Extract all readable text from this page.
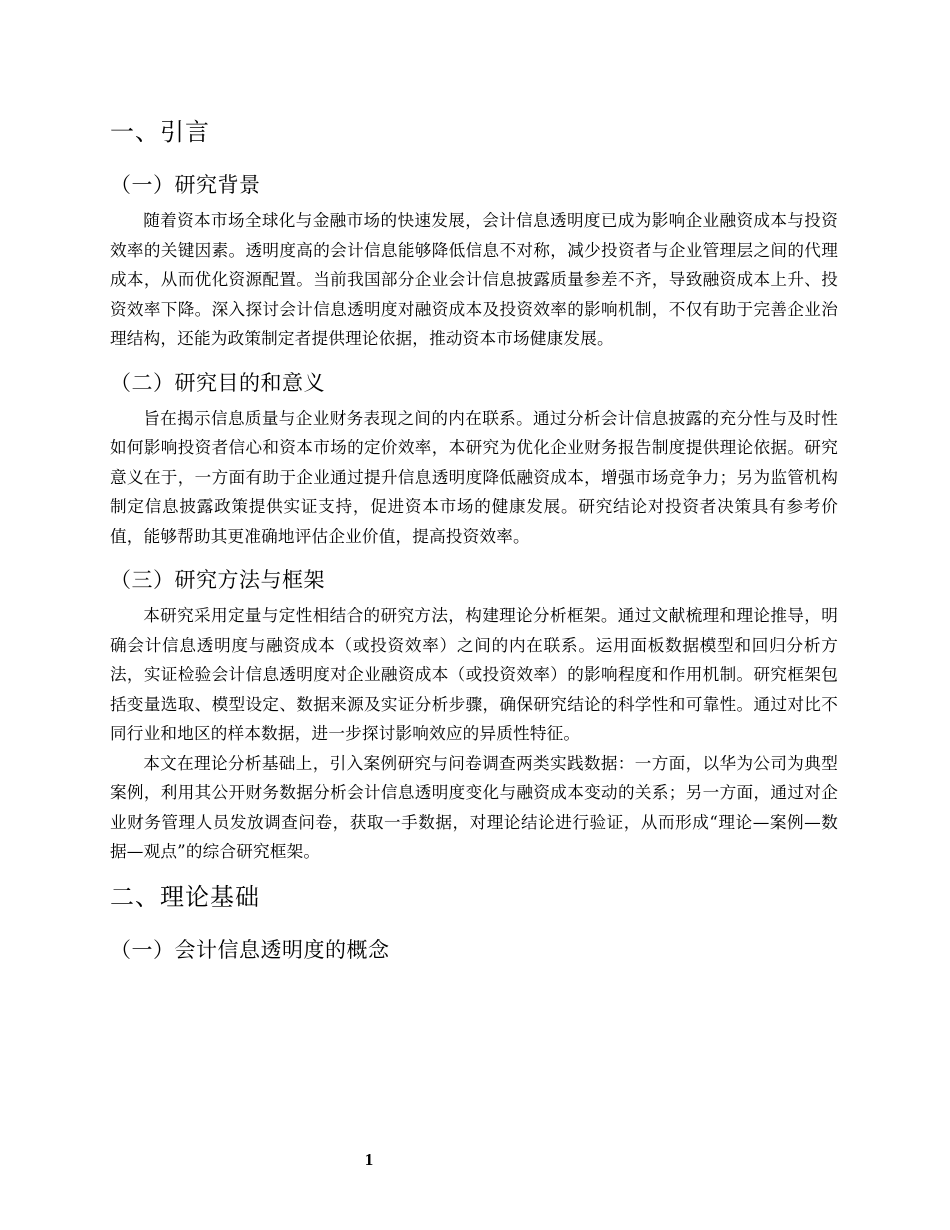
一、引言
（一）研究背景

随着资本市场全球化与金融市场的快速发展，会计信息透明度已成为影响企业融资成本与投资效率的关键因素。透明度高的会计信息能够降低信息不对称，减少投资者与企业管理层之间的代理成本，从而优化资源配置。当前我国部分企业会计信息披露质量参差不齐，导致融资成本上升、投资效率下降。深入探讨会计信息透明度对融资成本及投资效率的影响机制，不仅有助于完善企业治理结构，还能为政策制定者提供理论依据，推动资本市场健康发展。

（二）研究目的和意义

旨在揭示信息质量与企业财务表现之间的内在联系。通过分析会计信息披露的充分性与及时性如何影响投资者信心和资本市场的定价效率，本研究为优化企业财务报告制度提供理论依据。研究意义在于，一方面有助于企业通过提升信息透明度降低融资成本，增强市场竞争力；另为监管机构制定信息披露政策提供实证支持，促进资本市场的健康发展。研究结论对投资者决策具有参考价值，能够帮助其更准确地评估企业价值，提高投资效率。

（三）研究方法与框架

本研究采用定量与定性相结合的研究方法，构建理论分析框架。通过文献梳理和理论推导，明确会计信息透明度与融资成本（或投资效率）之间的内在联系。运用面板数据模型和回归分析方法，实证检验会计信息透明度对企业融资成本（或投资效率）的影响程度和作用机制。研究框架包括变量选取、模型设定、数据来源及实证分析步骤，确保研究结论的科学性和可靠性。通过对比不同行业和地区的样本数据，进一步探讨影响效应的异质性特征。

本文在理论分析基础上，引入案例研究与问卷调查两类实践数据：一方面，以华为公司为典型案例，利用其公开财务数据分析会计信息透明度变化与融资成本变动的关系；另一方面，通过对企业财务管理人员发放调查问卷，获取一手数据，对理论结论进行验证，从而形成“理论—案例—数据—观点”的综合研究框架。

二、理论基础
（一）会计信息透明度的概念
1
